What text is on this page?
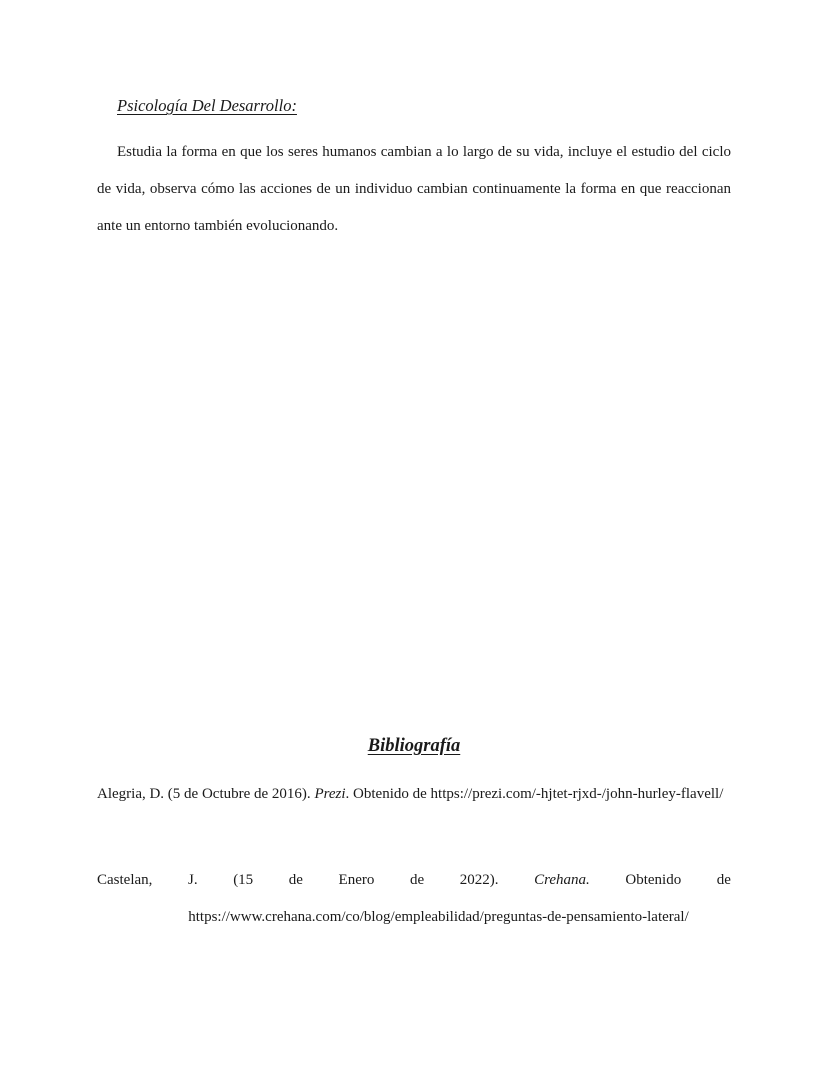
Psicología Del Desarrollo:

Estudia la forma en que los seres humanos cambian a lo largo de su vida, incluye el estudio del ciclo de vida, observa cómo las acciones de un individuo cambian continuamente la forma en que reaccionan ante un entorno también evolucionando.

Bibliografía

Alegria, D. (5 de Octubre de 2016). Prezi. Obtenido de https://prezi.com/-hjtet-rjxd-/john-hurley-flavell/

Castelan, J. (15 de Enero de 2022). Crehana. Obtenido de
https://www.crehana.com/co/blog/empleabilidad/preguntas-de-pensamiento-lateral/
